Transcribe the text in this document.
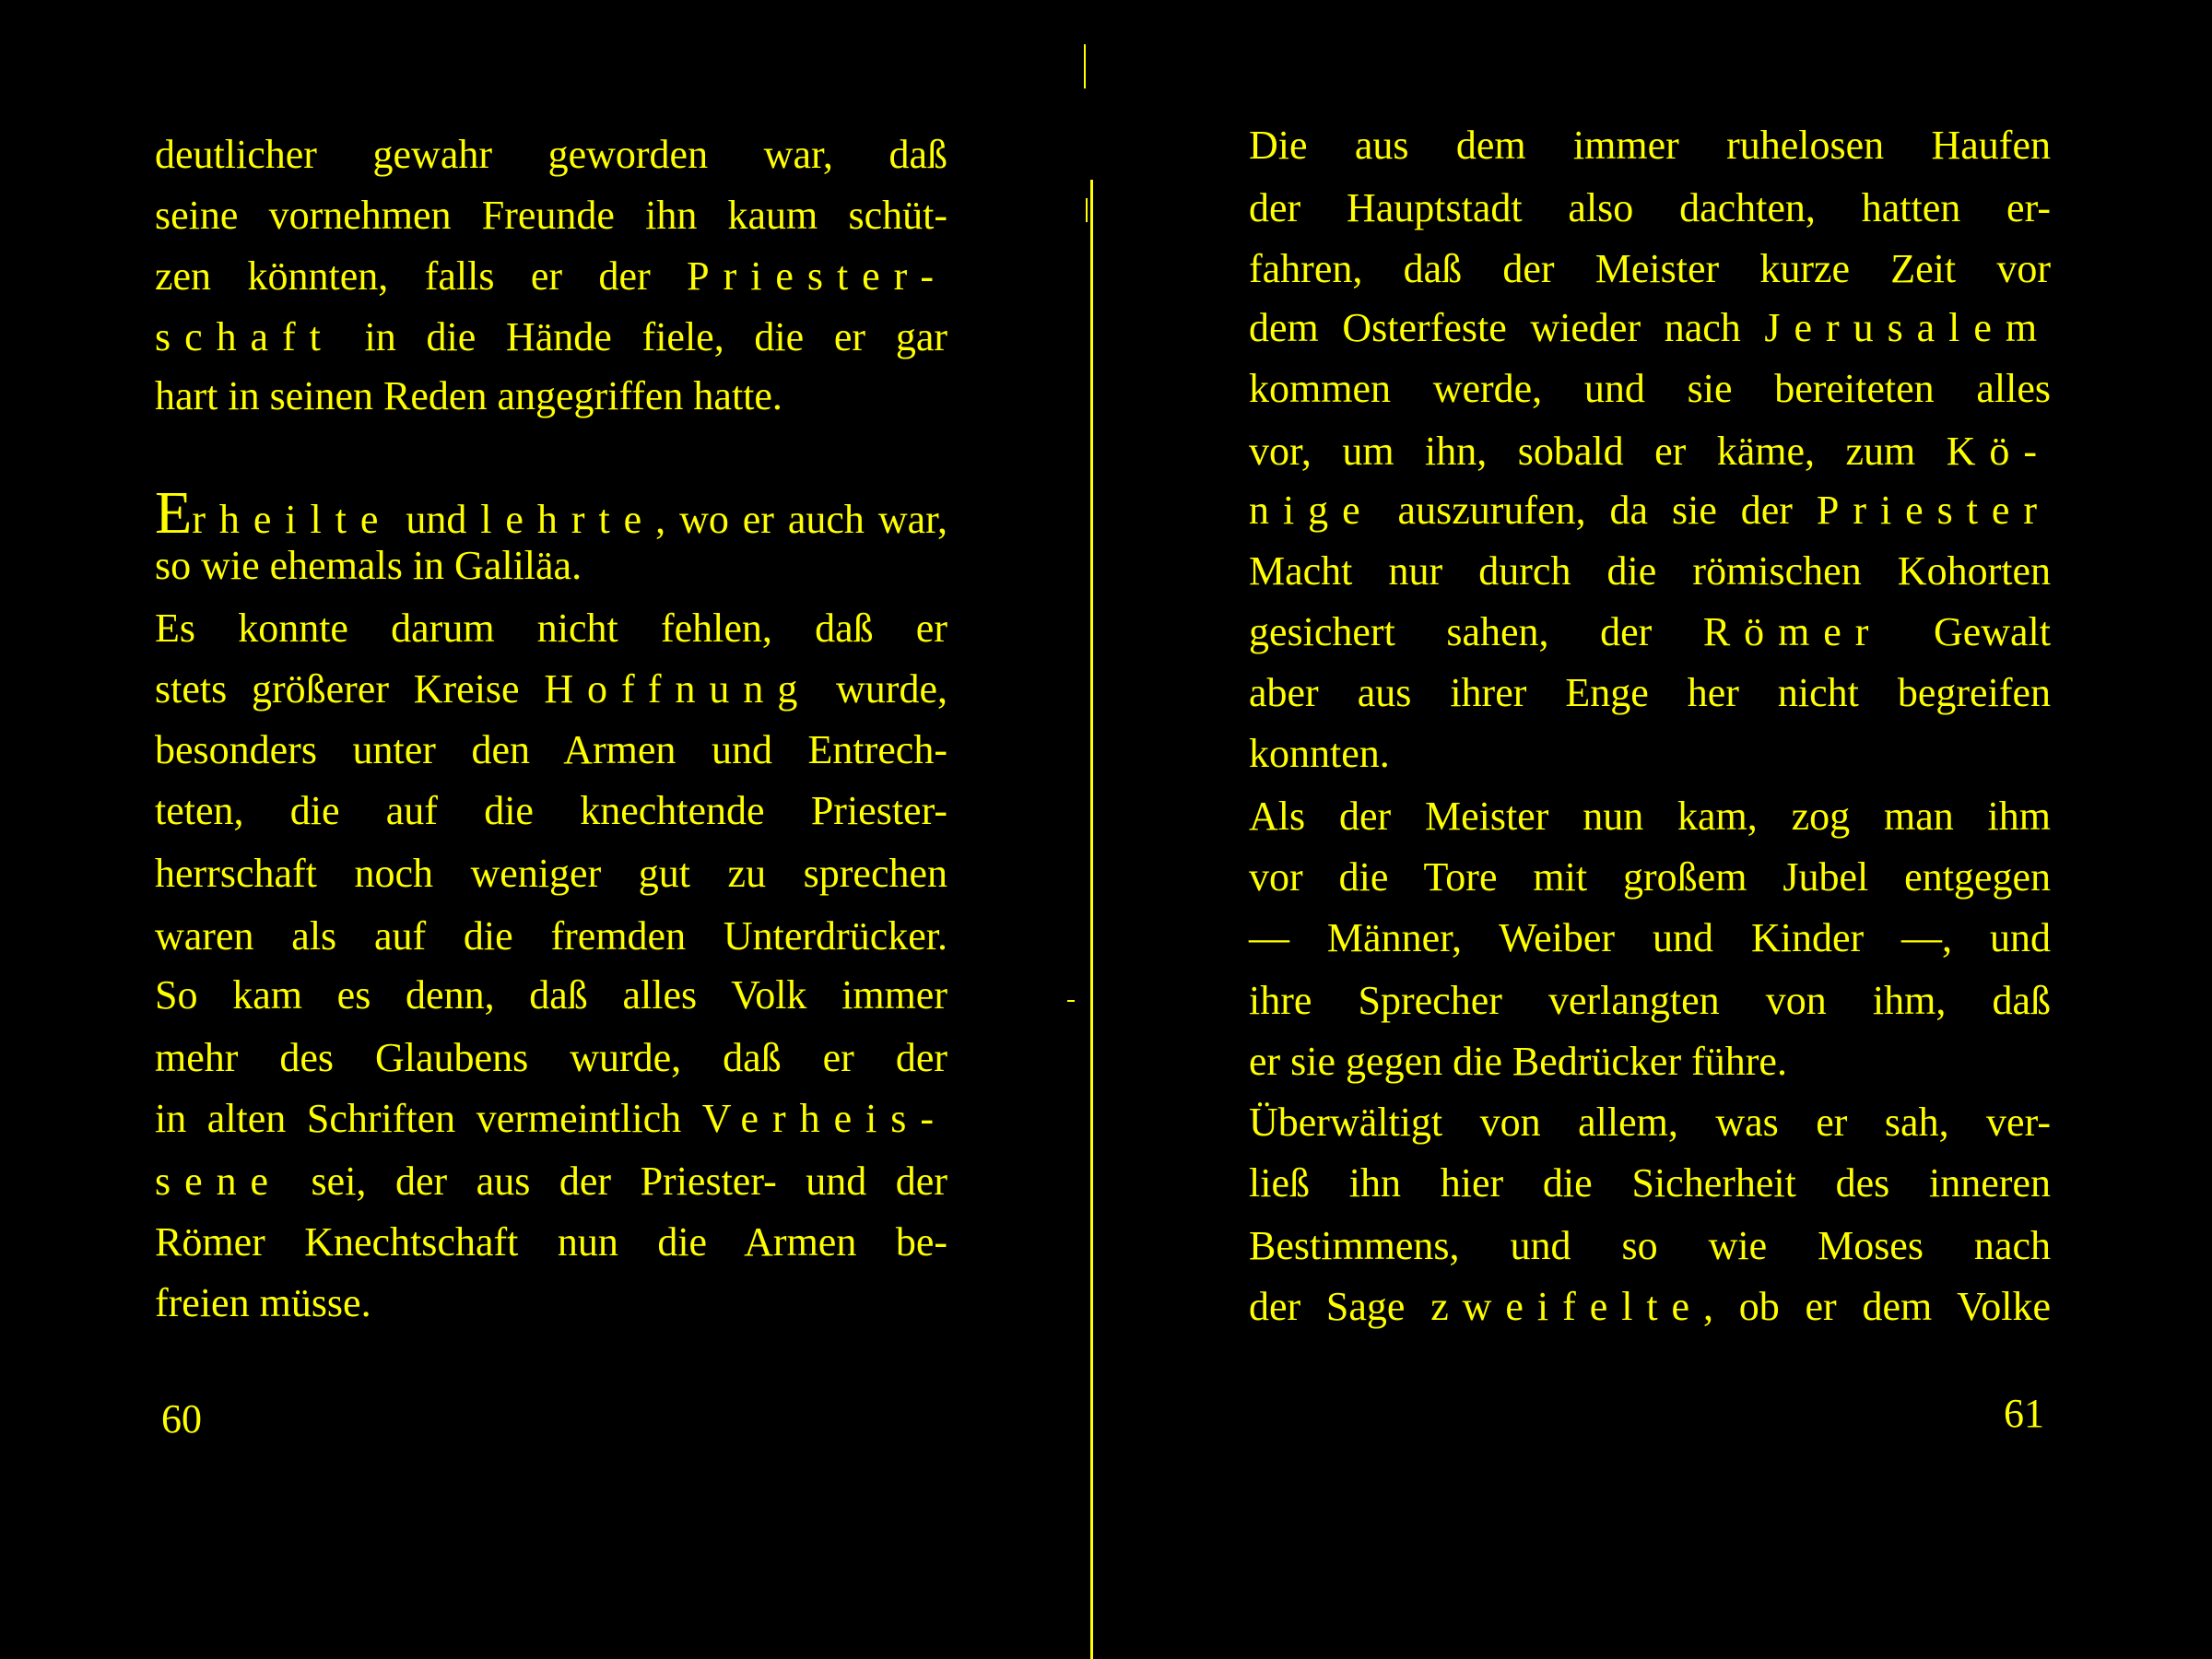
deutlicher gewahr geworden war, daß
seine vornehmen Freunde ihn kaum schüt-
zen könnten, falls er der Priester-
schaft in die Hände fiele, die er gar
hart in seinen Reden angegriffen hatte.
Er heilte und lehrte, wo er auch war,
so wie ehemals in Galiläa.
Es konnte darum nicht fehlen, daß er
stets größerer Kreise Hoffnung wurde,
besonders unter den Armen und Entrech-
teten, die auf die knechtende Priester-
herrschaft noch weniger gut zu sprechen
waren als auf die fremden Unterdrücker.
So kam es denn, daß alles Volk immer
mehr des Glaubens wurde, daß er der
in alten Schriften vermeintlich Verheis-
sene sei, der aus der Priester- und der
Römer Knechtschaft nun die Armen be-
freien müsse.
60
Die aus dem immer ruhelosen Haufen
der Hauptstadt also dachten, hatten er-
fahren, daß der Meister kurze Zeit vor
dem Osterfeste wieder nach Jerusalem
kommen werde, und sie bereiteten alles
vor, um ihn, sobald er käme, zum Kö-
nige auszurufen, da sie der Priester
Macht nur durch die römischen Kohorten
gesichert sahen, der Römer Gewalt
aber aus ihrer Enge her nicht begreifen
konnten.
Als der Meister nun kam, zog man ihm
vor die Tore mit großem Jubel entgegen
— Männer, Weiber und Kinder —, und
ihre Sprecher verlangten von ihm, daß
er sie gegen die Bedrücker führe.
Überwältigt von allem, was er sah, ver-
ließ ihn hier die Sicherheit des inneren
Bestimmens, und so wie Moses nach
der Sage zweifelte, ob er dem Volke
61
